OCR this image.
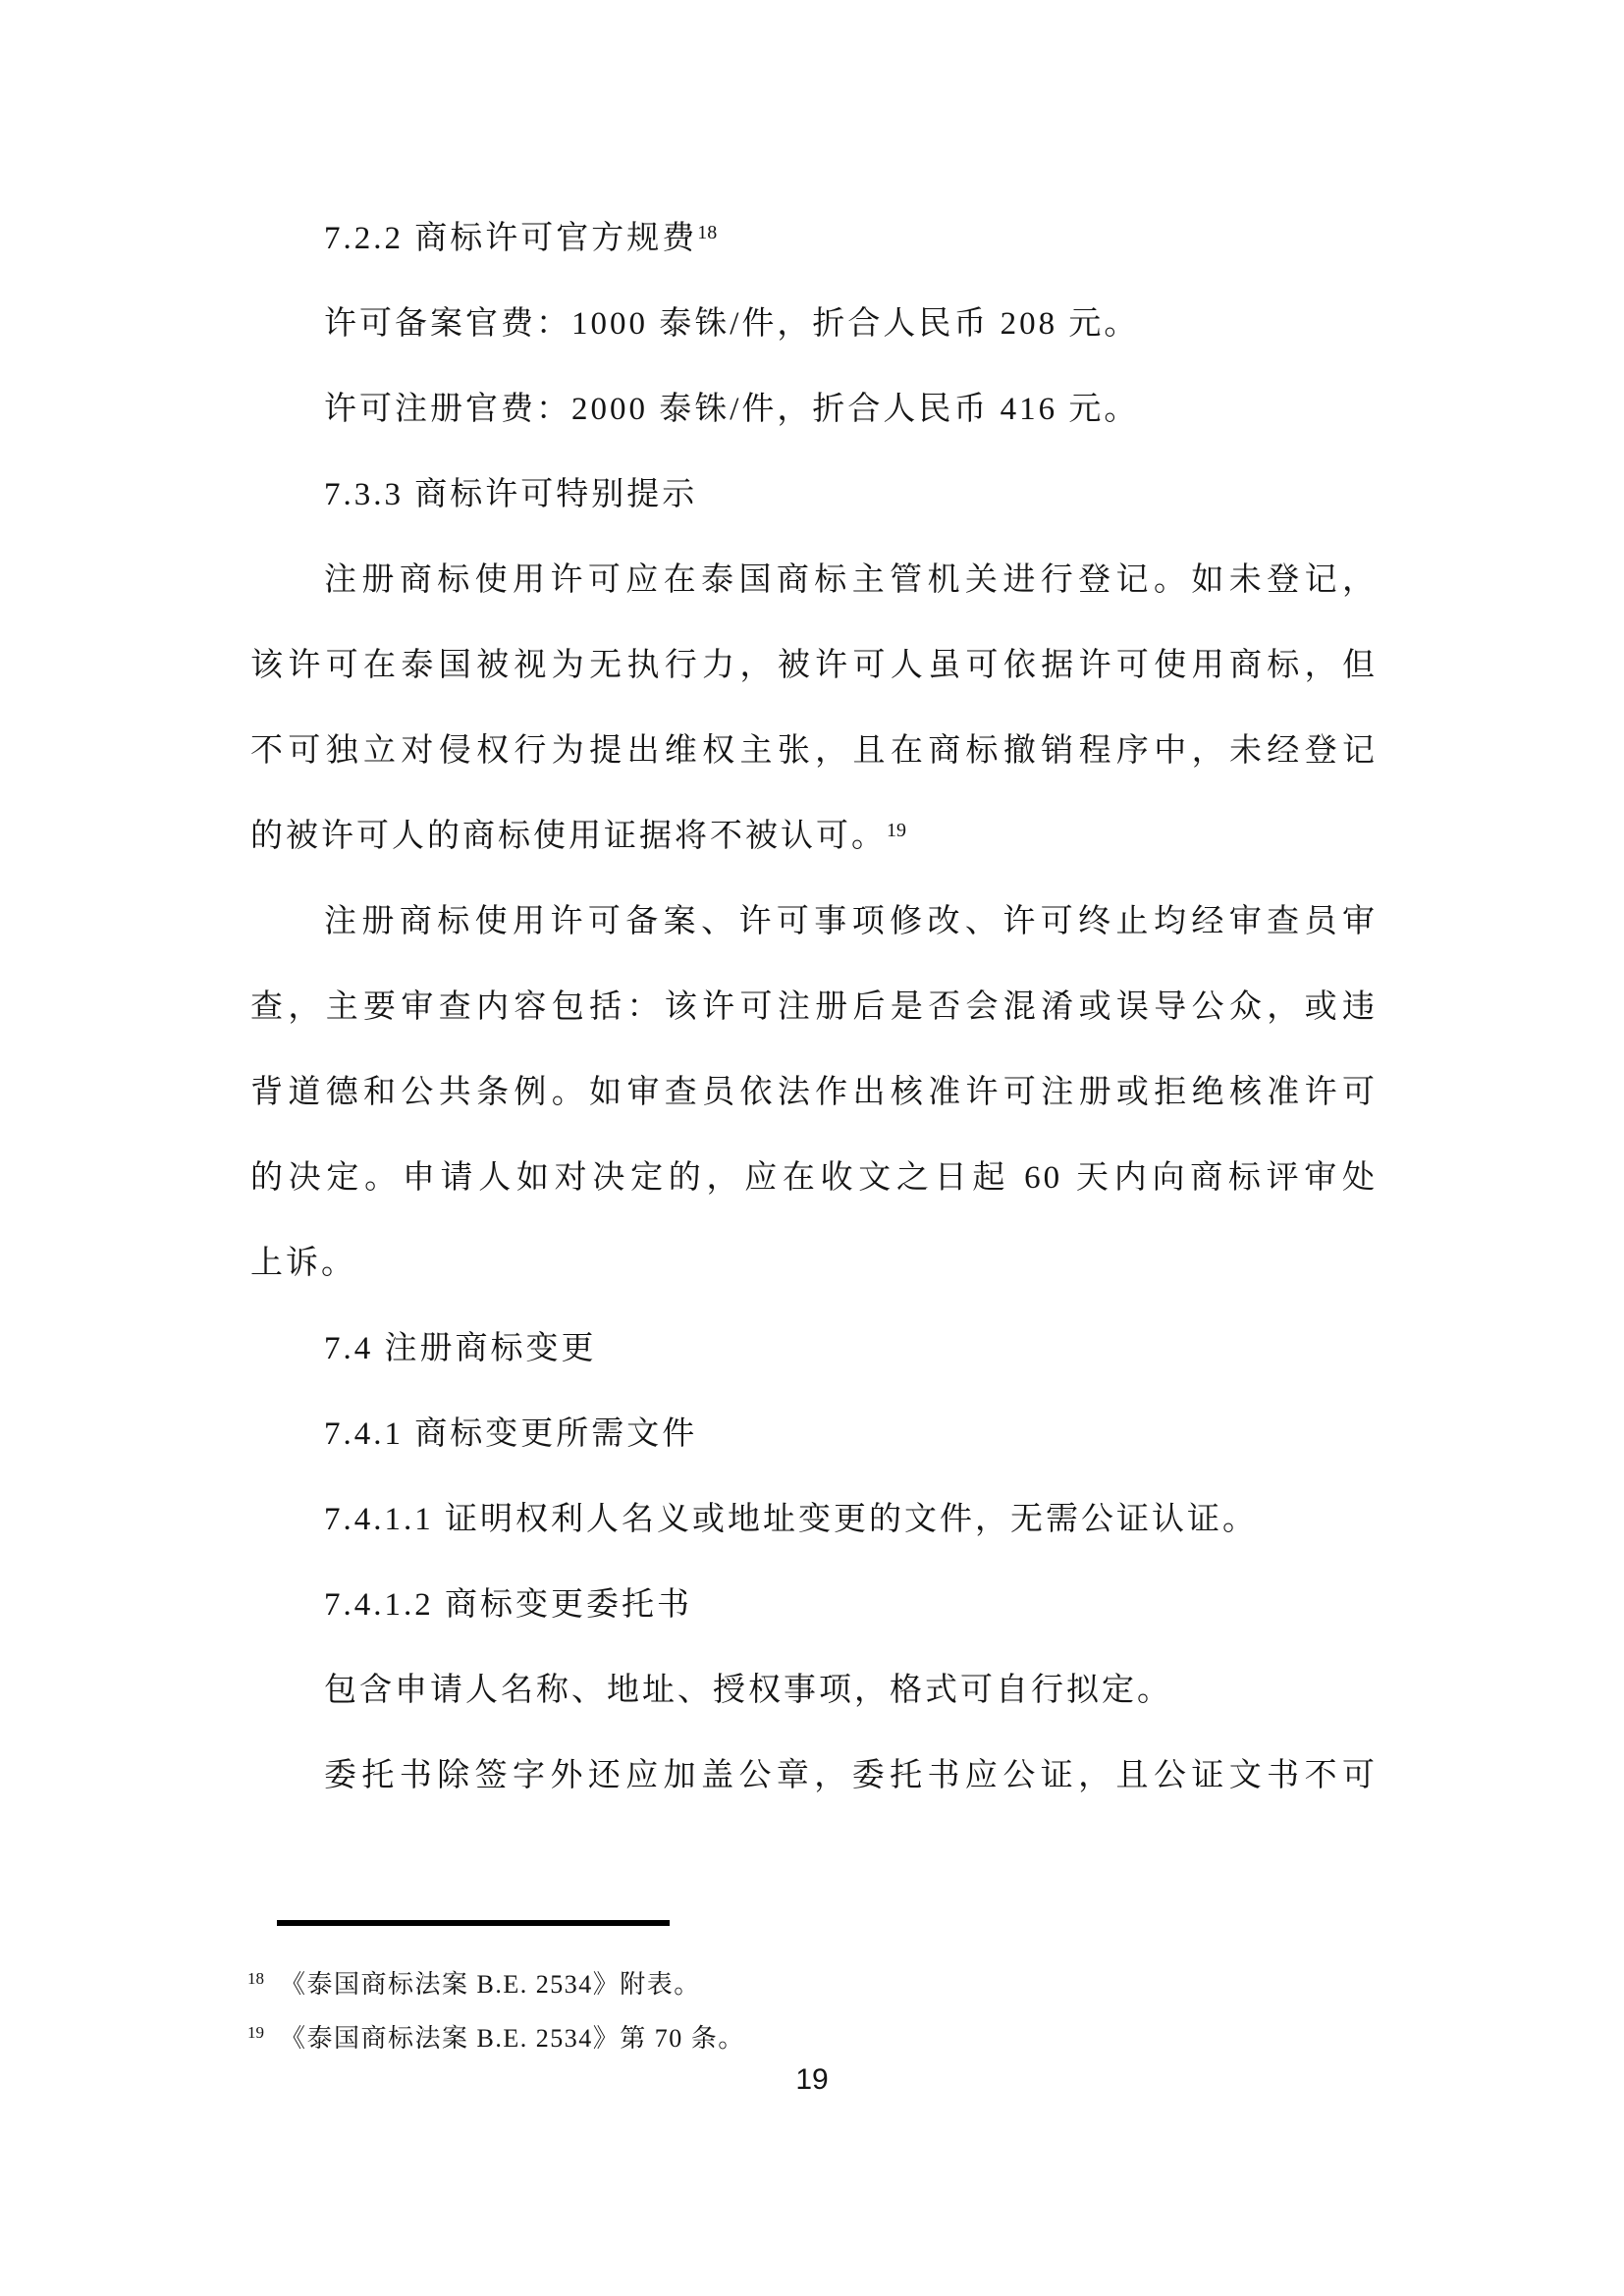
7.2.2 商标许可官方规费$^{18}$
许可备案官费：1000 泰铢/件，折合人民币 208 元。
许可注册官费：2000 泰铢/件，折合人民币 416 元。
7.3.3 商标许可特别提示
注册商标使用许可应在泰国商标主管机关进行登记。如未登记，
该许可在泰国被视为无执行力，被许可人虽可依据许可使用商标，但
不可独立对侵权行为提出维权主张，且在商标撤销程序中，未经登记
的被许可人的商标使用证据将不被认可。$^{19}$
注册商标使用许可备案、许可事项修改、许可终止均经审查员审
查，主要审查内容包括：该许可注册后是否会混淆或误导公众，或违
背道德和公共条例。如审查员依法作出核准许可注册或拒绝核准许可
的决定。申请人如对决定的，应在收文之日起 60 天内向商标评审处
上诉。
7.4 注册商标变更
7.4.1 商标变更所需文件
7.4.1.1 证明权利人名义或地址变更的文件，无需公证认证。
7.4.1.2 商标变更委托书
包含申请人名称、地址、授权事项，格式可自行拟定。
委托书除签字外还应加盖公章，委托书应公证，且公证文书不可
18 《泰国商标法案 B.E. 2534》附表。
19 《泰国商标法案 B.E. 2534》第 70 条。
19
